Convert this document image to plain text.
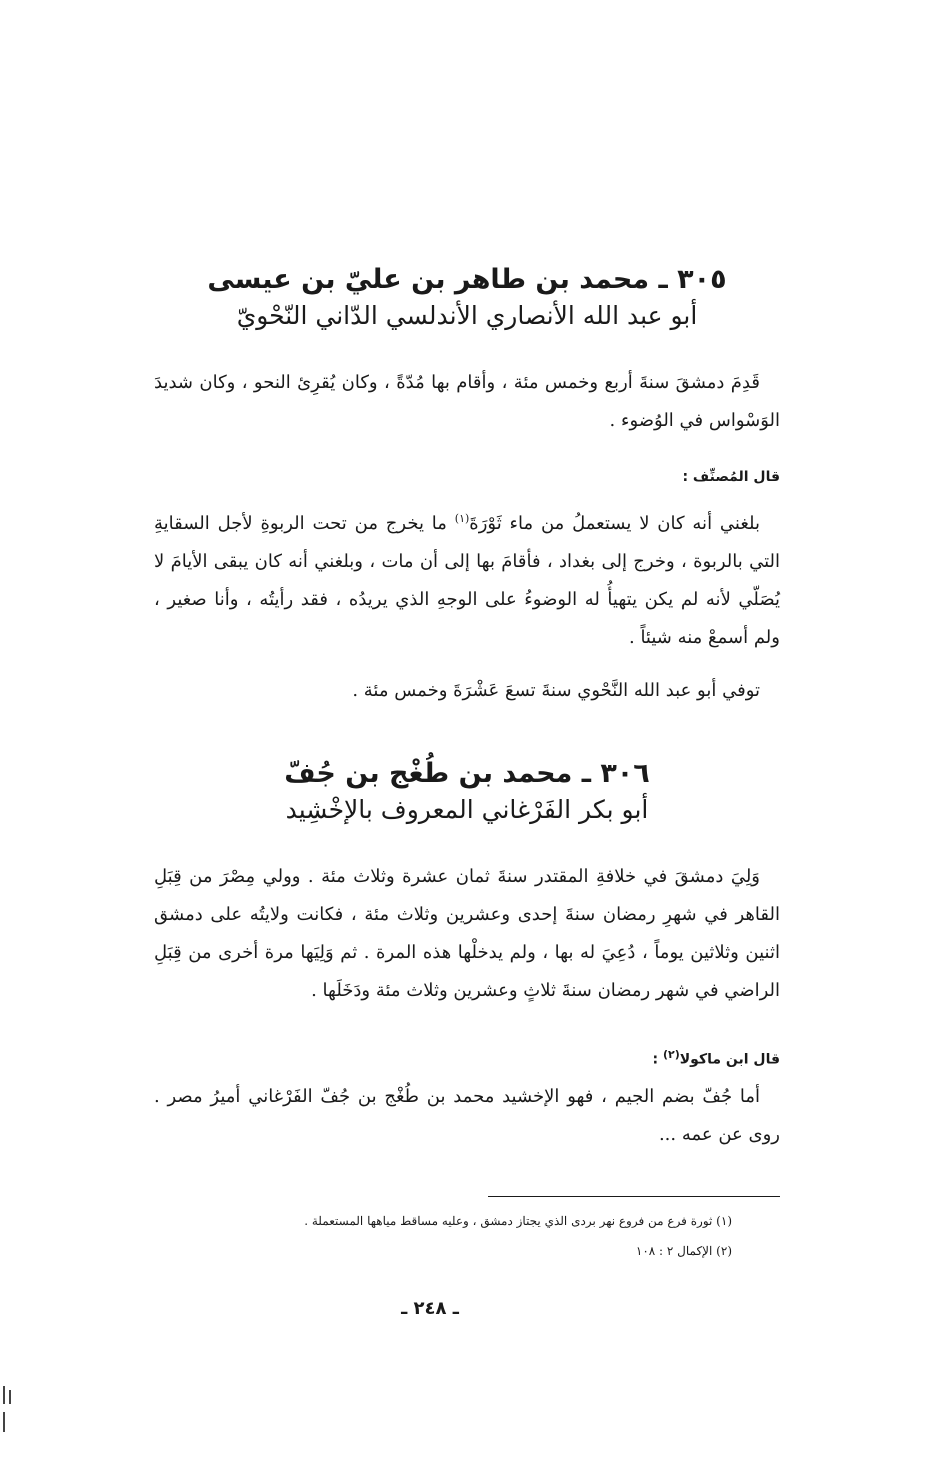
٣٠٥ ـ محمد بن طاهر بن عليّ بن عيسى

أبو عبد الله الأنصاري الأندلسي الدّاني النّحْويّ

قَدِمَ دمشقَ سنةَ أربع وخمس مئة ، وأقام بها مُدّةً ، وكان يُقرِئ النحو ، وكان شديدَ الوَسْواس في الوُضوء .

قال المُصنِّف :

بلغني أنه كان لا يستعملُ من ماء ثَوْرَةَ$^{(١)}$ ما يخرج من تحت الربوةِ لأجل السقايةِ التي بالربوة ، وخرج إلى بغداد ، فأقامَ بها إلى أن مات ، وبلغني أنه كان يبقى الأيامَ لا يُصَلّي لأنه لم يكن يتهيأُ له الوضوءُ على الوجهِ الذي يريدُه ، فقد رأيتُه ، وأنا صغير ، ولم أسمعْ منه شيئاً .

توفي أبو عبد الله النَّحْوي سنةَ تسعَ عَشْرَةَ وخمس مئة .

٣٠٦ ـ محمد بن طُغْج بن جُفّ

أبو بكر الفَرْغاني المعروف بالإخْشِيد

وَلِيَ دمشقَ في خلافةِ المقتدر سنةَ ثمان عشرة وثلاث مئة . وولي مِصْرَ من قِبَلِ القاهر في شهرِ رمضان سنةَ إحدى وعشرين وثلاث مئة ، فكانت ولايتُه على دمشق اثنين وثلاثين يوماً ، دُعِيَ له بها ، ولم يدخلْها هذه المرة . ثم وَلِيَها مرة أخرى من قِبَلِ الراضي في شهر رمضان سنةَ ثلاثٍ وعشرين وثلاث مئة ودَخَلَها .

قال ابن ماكولا$^{(٢)}$ :

أما جُفّ بضم الجيم ، فهو الإخشيد محمد بن طُغْج بن جُفّ الفَرْغاني أميرُ مصر . روى عن عمه ...

(١) ثورة فرع من فروع نهر بردى الذي يجتاز دمشق ، وعليه مساقط مياهها المستعملة .

(٢) الإكمال ٢ : ١٠٨

ـ ٢٤٨ ـ
